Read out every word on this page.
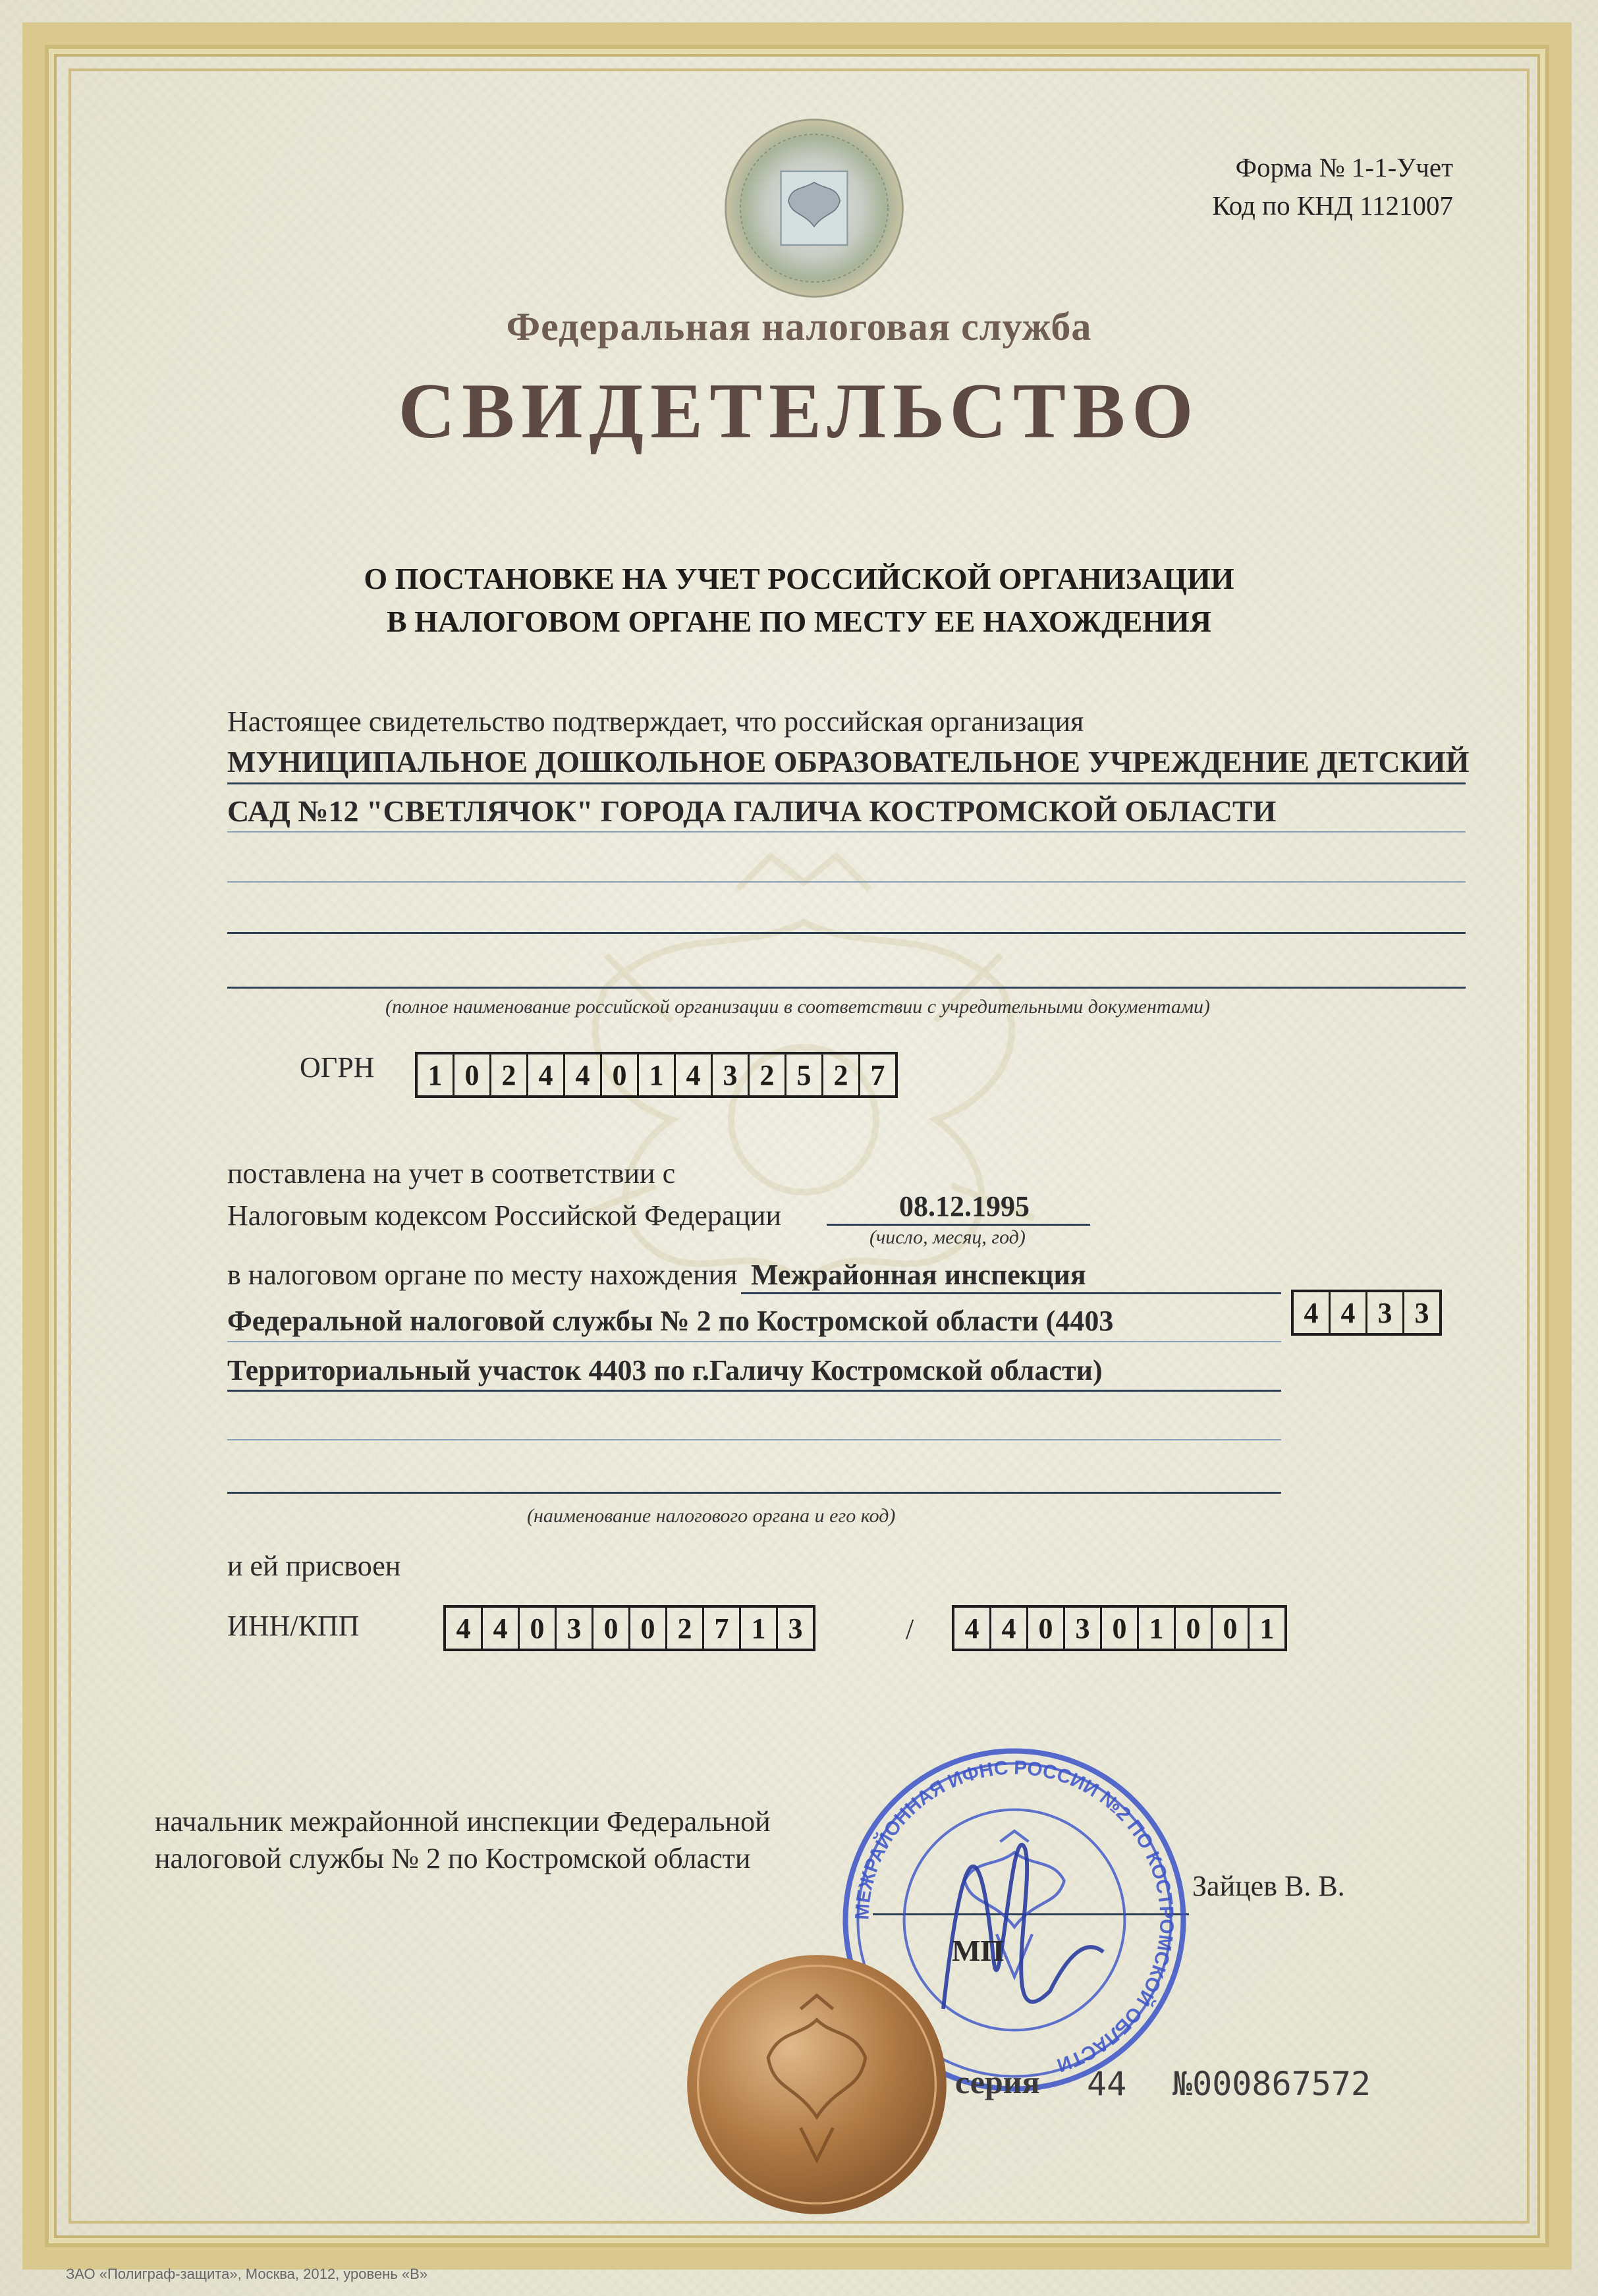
Форма № 1-1-Учет
Код по КНД 1121007
Федеральная налоговая служба
СВИДЕТЕЛЬСТВО
О ПОСТАНОВКЕ НА УЧЕТ РОССИЙСКОЙ ОРГАНИЗАЦИИ
В НАЛОГОВОМ ОРГАНЕ ПО МЕСТУ ЕЕ НАХОЖДЕНИЯ
Настоящее свидетельство подтверждает, что российская организация
МУНИЦИПАЛЬНОЕ ДОШКОЛЬНОЕ ОБРАЗОВАТЕЛЬНОЕ УЧРЕЖДЕНИЕ ДЕТСКИЙ
САД №12 "СВЕТЛЯЧОК" ГОРОДА ГАЛИЧА КОСТРОМСКОЙ ОБЛАСТИ
(полное наименование российской организации в соответствии с учредительными документами)
ОГРН	1 0 2 4 4 0 1 4 3 2 5 2 7
поставлена на учет в соответствии с
Налоговым кодексом Российской Федерации	08.12.1995
(число, месяц, год)
в налоговом органе по месту нахождения Межрайонная инспекция
Федеральной налоговой службы № 2 по Костромской области (4403	4 4 3 3
Территориальный участок 4403 по г.Галичу Костромской области)
(наименование налогового органа и его код)
и ей присвоен
ИНН/КПП	4 4 0 3 0 0 2 7 1 3	/	4 4 0 3 0 1 0 0 1
начальник межрайонной инспекции Федеральной
налоговой службы № 2 по Костромской области
Зайцев В. В.
МЕЖРАЙОННАЯ ИФНС РОССИИ №2 ПО КОСТРОМСКОЙ ОБЛАСТИ
МП
серия 44 №000867572
ЗАО «Полиграф-защита», Москва, 2012, уровень «В»
